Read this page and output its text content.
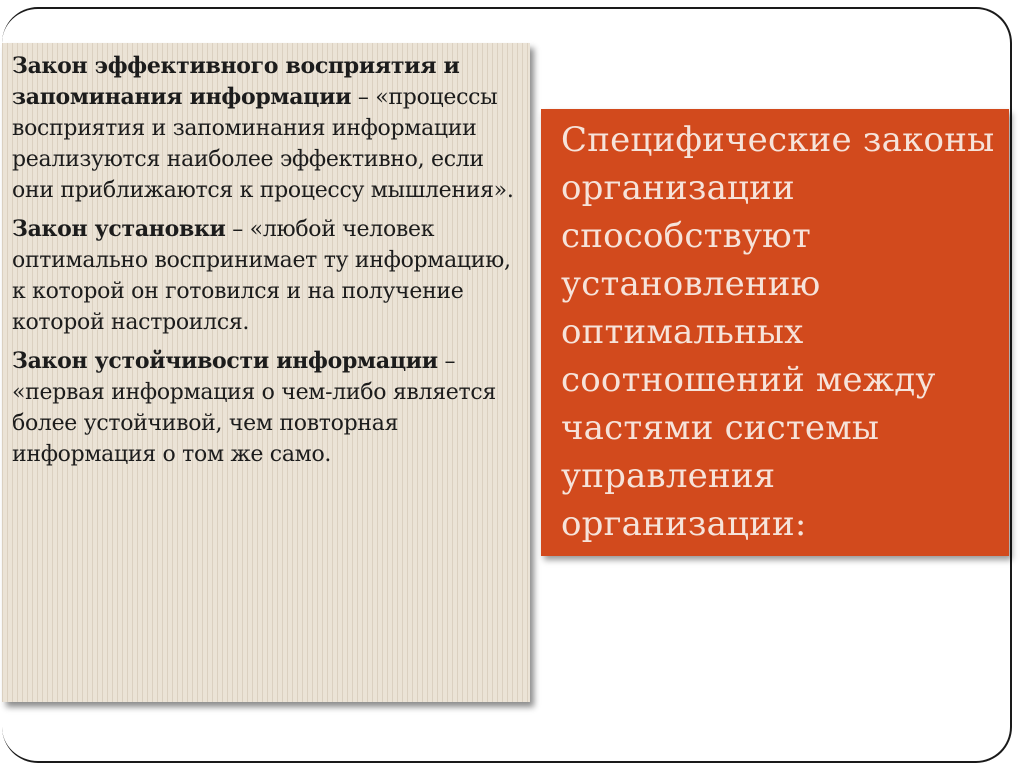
Закон эффективного восприятия и запоминания информации – «процессы восприятия и запоминания информации реализуются наиболее эффективно, если они приближаются к процессу мышления».

Закон установки – «любой человек оптимально воспринимает ту информацию, к которой он готовился и на получение которой настроился.

Закон устойчивости информации – «первая информация о чем-либо является более устойчивой, чем повторная информация о том же само.

Специфические законы
организации
способствуют
установлению
оптимальных
соотношений между
частями системы
управления
организации:
